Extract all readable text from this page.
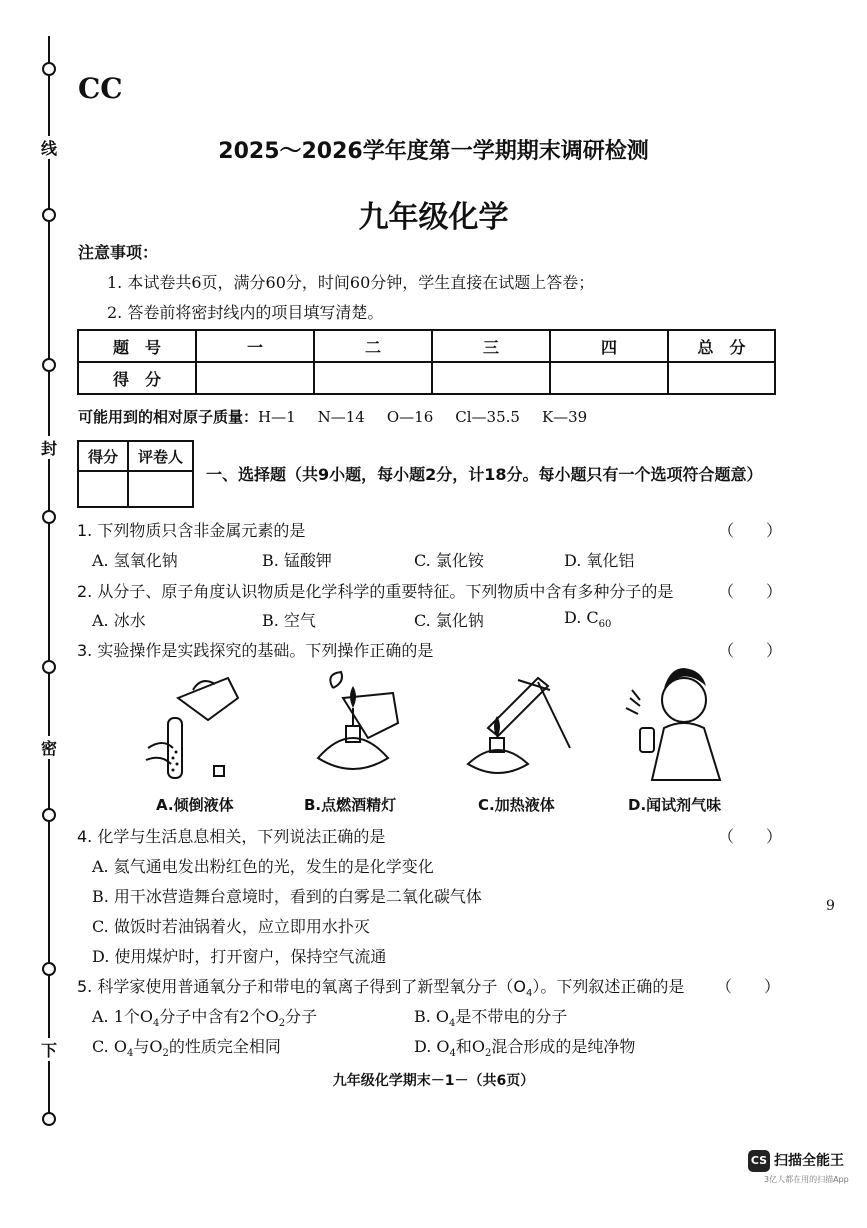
线
封
密
下
CC
2025～2026学年度第一学期期末调研检测
九年级化学
注意事项：
1. 本试卷共6页，满分60分，时间60分钟，学生直接在试题上答卷；
2. 答卷前将密封线内的项目填写清楚。
题　号	一	二	三	四	总　分
得　分					
可能用到的相对原子质量：H—1 N—14 O—16 Cl—35.5 K—39
得分	评卷人

一、选择题（共9小题，每小题2分，计18分。每小题只有一个选项符合题意）
1. 下列物质只含非金属元素的是	（　　）
A. 氢氧化钠	B. 锰酸钾	C. 氯化铵	D. 氧化铝
2. 从分子、原子角度认识物质是化学科学的重要特征。下列物质中含有多种分子的是	（　　）
A. 冰水	B. 空气	C. 氯化钠	D. $C_{60}$
3. 实验操作是实践探究的基础。下列操作正确的是	（　　）
A.倾倒液体	B.点燃酒精灯	C.加热液体	D.闻试剂气味
4. 化学与生活息息相关，下列说法正确的是	（　　）
A. 氦气通电发出粉红色的光，发生的是化学变化
B. 用干冰营造舞台意境时，看到的白雾是二氧化碳气体
C. 做饭时若油锅着火，应立即用水扑灭
D. 使用煤炉时，打开窗户，保持空气流通
5. 科学家使用普通氧分子和带电的氧离子得到了新型氧分子$(O_4)$。下列叙述正确的是 （　　）
A. 1个$O_4$分子中含有2个$O_2$分子	B. $O_4$是不带电的分子
C. $O_4$与$O_2$的性质完全相同	D. $O_4$和$O_2$混合形成的是纯净物
9
九年级化学期末－1－（共6页）
CS 扫描全能王
3亿人都在用的扫描App
